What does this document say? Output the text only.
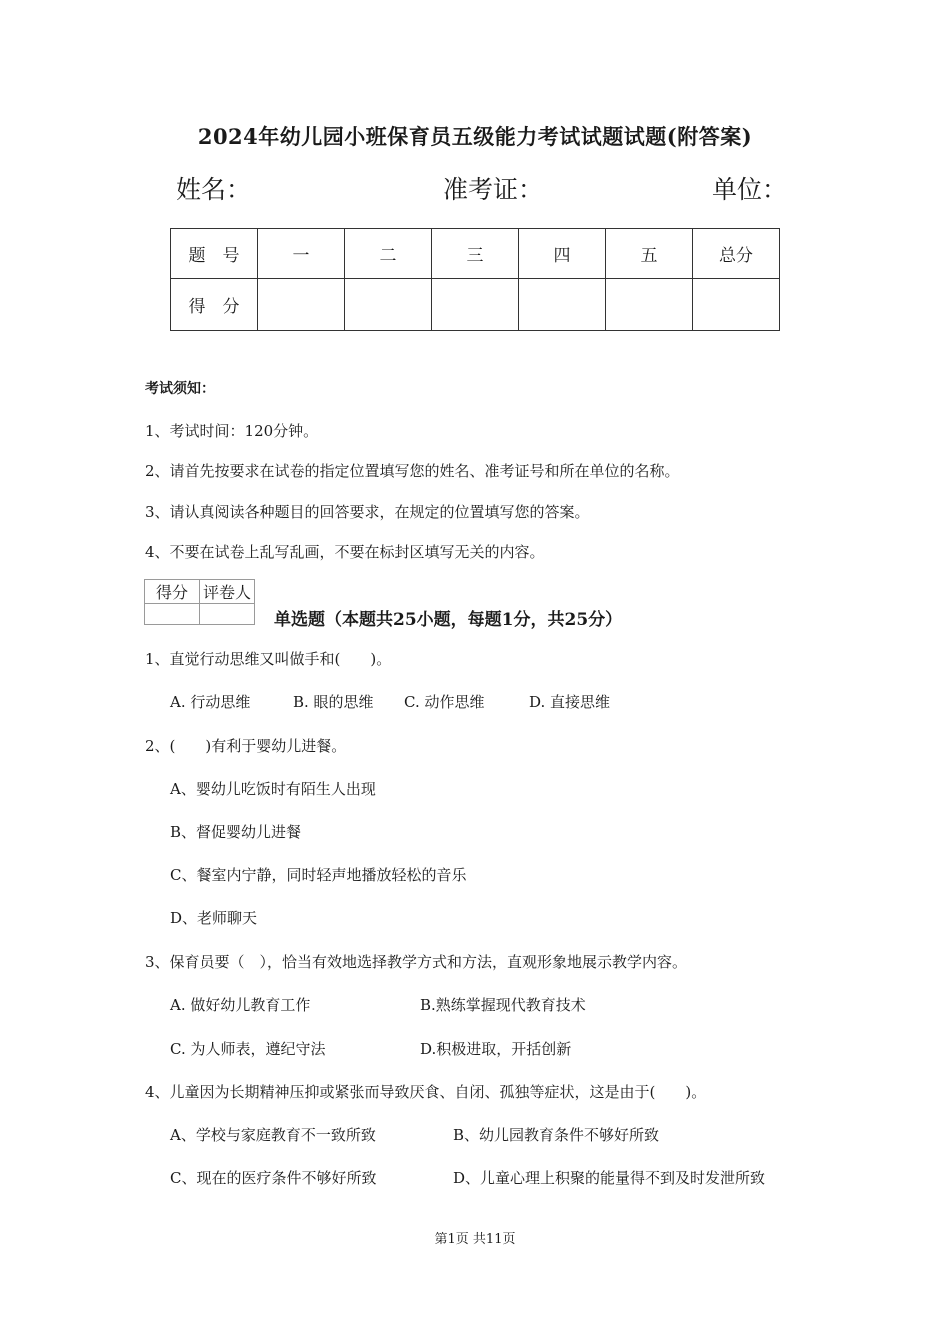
2024年幼儿园小班保育员五级能力考试试题试题(附答案)
姓名：	准考证：	单位：
题　号	一	二	三	四	五	总分
得　分						
考试须知：
1、考试时间：120分钟。
2、请首先按要求在试卷的指定位置填写您的姓名、准考证号和所在单位的名称。
3、请认真阅读各种题目的回答要求，在规定的位置填写您的答案。
4、不要在试卷上乱写乱画，不要在标封区填写无关的内容。
得分	评卷人

单选题（本题共25小题，每题1分，共25分）
1、直觉行动思维又叫做手和(　　)。
A. 行动思维	B. 眼的思维 C. 动作思维	D. 直接思维
2、(　　)有利于婴幼儿进餐。
A、婴幼儿吃饭时有陌生人出现
B、督促婴幼儿进餐
C、餐室内宁静，同时轻声地播放轻松的音乐
D、老师聊天
3、保育员要（　），恰当有效地选择教学方式和方法，直观形象地展示教学内容。
A. 做好幼儿教育工作	B.熟练掌握现代教育技术
C. 为人师表，遵纪守法	D.积极进取，开括创新
4、儿童因为长期精神压抑或紧张而导致厌食、自闭、孤独等症状，这是由于(　　)。
A、学校与家庭教育不一致所致	B、幼儿园教育条件不够好所致
C、现在的医疗条件不够好所致	D、儿童心理上积聚的能量得不到及时发泄所致
第1页 共11页
